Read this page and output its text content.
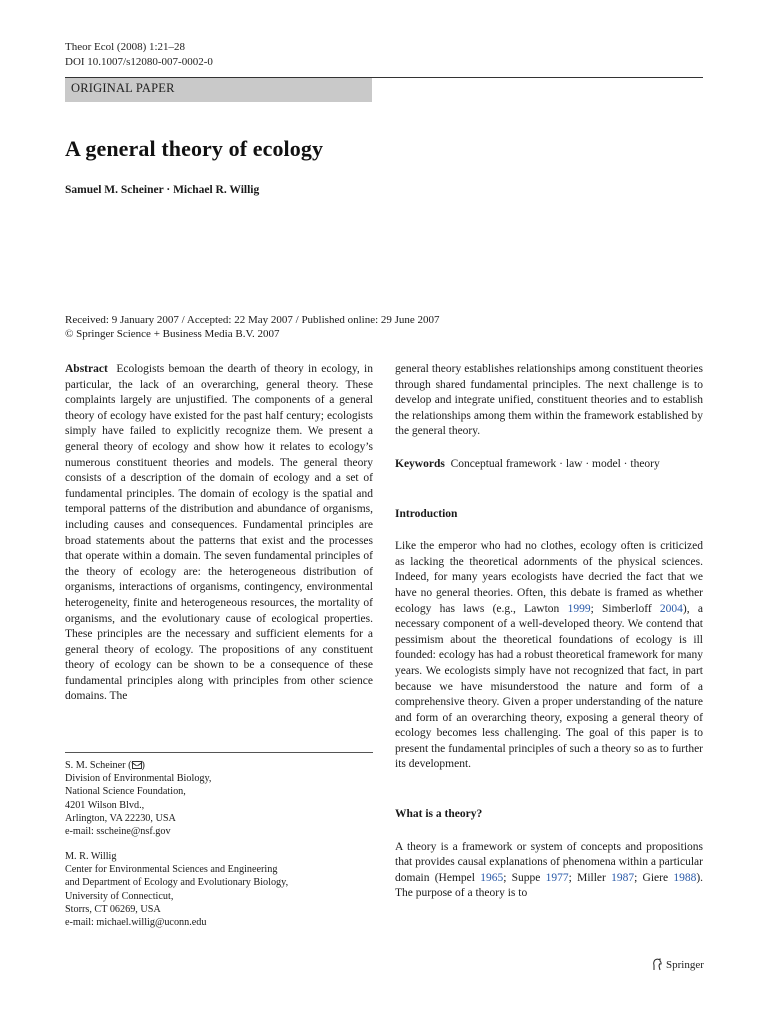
Theor Ecol (2008) 1:21–28
DOI 10.1007/s12080-007-0002-0
ORIGINAL PAPER
A general theory of ecology
Samuel M. Scheiner · Michael R. Willig
Received: 9 January 2007 / Accepted: 22 May 2007 / Published online: 29 June 2007
© Springer Science + Business Media B.V. 2007

Abstract Ecologists bemoan the dearth of theory in ecology, in particular, the lack of an overarching, general theory. These complaints largely are unjustified. The components of a general theory of ecology have existed for the past half century; ecologists simply have failed to explicitly recognize them. We present a general theory of ecology and show how it relates to ecology’s numerous constituent theories and models. The general theory consists of a description of the domain of ecology and a set of fundamental principles. The domain of ecology is the spatial and temporal patterns of the distribution and abundance of organisms, including causes and consequences. Fundamental principles are broad statements about the patterns that exist and the processes that operate within a domain. The seven fundamental principles of the theory of ecology are: the heterogeneous distribution of organisms, interactions of organisms, contingency, environmental heterogeneity, finite and heterogeneous resources, the mortality of organisms, and the evolutionary cause of ecological properties. These principles are the necessary and sufficient elements for a general theory of ecology. The propositions of any constituent theory of ecology can be shown to be a consequence of these fundamental principles along with principles from other science domains. The

S. M. Scheiner ( )
Division of Environmental Biology,
National Science Foundation,
4201 Wilson Blvd.,
Arlington, VA 22230, USA
e-mail: sscheine@nsf.gov
M. R. Willig
Center for Environmental Sciences and Engineering
and Department of Ecology and Evolutionary Biology,
University of Connecticut,
Storrs, CT 06269, USA
e-mail: michael.willig@uconn.edu

general theory establishes relationships among constituent theories through shared fundamental principles. The next challenge is to develop and integrate unified, constituent theories and to establish the relationships among them within the framework established by the general theory.

Keywords Conceptual framework · law · model · theory

Introduction

Like the emperor who had no clothes, ecology often is criticized as lacking the theoretical adornments of the physical sciences. Indeed, for many years ecologists have decried the fact that we have no general theories. Often, this debate is framed as whether ecology has laws (e.g., Lawton 1999; Simberloff 2004), a necessary component of a well-developed theory. We contend that pessimism about the theoretical foundations of ecology is ill founded: ecology has had a robust theoretical framework for many years. We ecologists simply have not recognized that fact, in part because we have misunderstood the nature and form of a comprehensive theory. Given a proper understanding of the nature and form of an overarching theory, exposing a general theory of ecology becomes less challenging. The goal of this paper is to present the fundamental principles of such a theory so as to further its development.

What is a theory?

A theory is a framework or system of concepts and propositions that provides causal explanations of phenomena within a particular domain (Hempel 1965; Suppe 1977; Miller 1987; Giere 1988). The purpose of a theory is to

Springer
